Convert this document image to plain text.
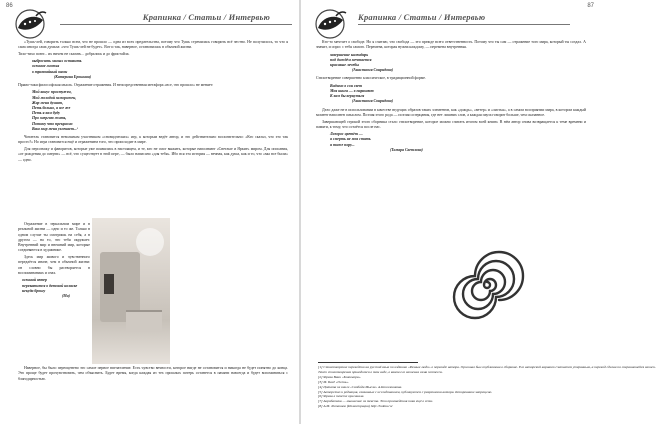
86
Крапинка / Статьи / Интервью

«Тушь-лей, говорить только всем, что не прошло — одна из всех предательства, потому что Тушь стремилась говорить всё честно. Не получилось, то что я сама иногда сама думала: «что Тушь-лей не будет». Вот и так, наверное, остановилась в обычной жизни.

Тихо-тихо поют... их ничем не сказать... добрались и до фристайла.

выбросить малых оставить
осенние листья
в трамвайный вагон
(Катерина Ерошина)

Прямо-таки философская мысль. Отражение отражения. И непосредственная метафора «все, что прошло» не меняет:

Мой конус простужен,
Мой молодой заморожен,
Жар меня душит,
Петь больно, а все же
Петь я вам буду
Про энергию жить,
Потому что прекрасно
Ваш мир меня увлекает...¹

Читатель становится невольным участником «сновидческих» игр, к которым ведёт автор, и это действительно восхитительно: «Кто сказал, что это так просто?» Но игра становится ещё и отражением того, что происходит в мире.

Для персонажу и фаворитов, которые уже появились в настоящем, и те, кто не смог выжить, которые наполняют «Светлые и Яркие» миром. Для описания, «от рождения до смерти» — всё, что существует в этой игре, — было написано «для тебя». Ибо вся эта история — вечная, как душа, как и то, что «мы все были» — одно.

Отражение в зеркальном мире и в реальной жизни — одно и то же. Только в одном случае ты смотришь на себя, а в другом — на то, что тебя окружает. Внутренний мир и внешний мир, которые соединяются в художнике.

Здесь мир живого и чувственного передаётся иначе, чем в обычной жизни: он словно бы растворяется в воспоминаниях и снах.

осенний ветер
перекатится в детской коляске
некуда брошу
(Ма)

Наверное, бы было переоценено это самое первое впечатление. Есть чувство вечности, которое нигде не остановится и никогда не будет понятно до конца. Это проще будет прочувствовать, чем объяснить. Будет время, когда каждая из тех прошлых потерь останется в памяти навсегда и будет вспоминаться с благодарностью.

87
Крапинка / Статьи / Интервью

Кто-то мечтает о свободе. Но я считаю, что свобода — это прежде всего ответственность. Потому что ты сам — отражение того мира, который ты создал. А значит, и спрос с тебя самого. Перемена, которая нужна каждому, — перемена внутренняя.

завершение календарь
под дождём мечтается
красивые лечебы
(Анастасия Свиридова)

Стихотворение совершенно классическое, в традиционной форме.

Видимо в сон свет
Моя книга — в парашют
К вам бы вернуться
(Анастасия Свиридова)

Дело даже не в использовании в качестве ведущих образов таких элементов, как «дождь», «ветер» и «листья», а в самом восприятии мира, в котором каждый момент наполнен смыслом. Поэзия этого рода — поэзия созерцания, где нет лишних слов, а каждая пауза говорит больше, чем сказанное.

Завершающей строкой этого сборника стало стихотворение, которое можно считать итогом всей книги. В нём автор снова возвращается к теме времени и памяти, к тому, что остаётся после нас.

Лазорос цветёт —
а смерть не моя стать
я тоже пору...
(Тамара Светлова)
[1] Стихотворение переведено на русский язык по изданию «Разные люди» в переводе автора. Оригинал был опубликован в сборнике. Его авторский вариант считается утерянным, а перевод сделан по сохранившейся записи.
Текст стихотворения приводится в том виде, в каком его записала сама поэтесса.
[2] Фраза Вани «Кикимора».
[3] М. Басё «Осень».
[4] Цитата из книги «Свобода Мысли» А.Кожевникова.
[5] Авторство и редакция, связанные с исследованием, публикуются с разрешения автора. Копирование запрещено.
[6] Фраза в тексте оригинала.
[7] Акробатика — мышление из текста. Эти произведения пока ещё в сети.
[8] А.М. Литвинов (Иллюстрация) http://hokku.ru/
